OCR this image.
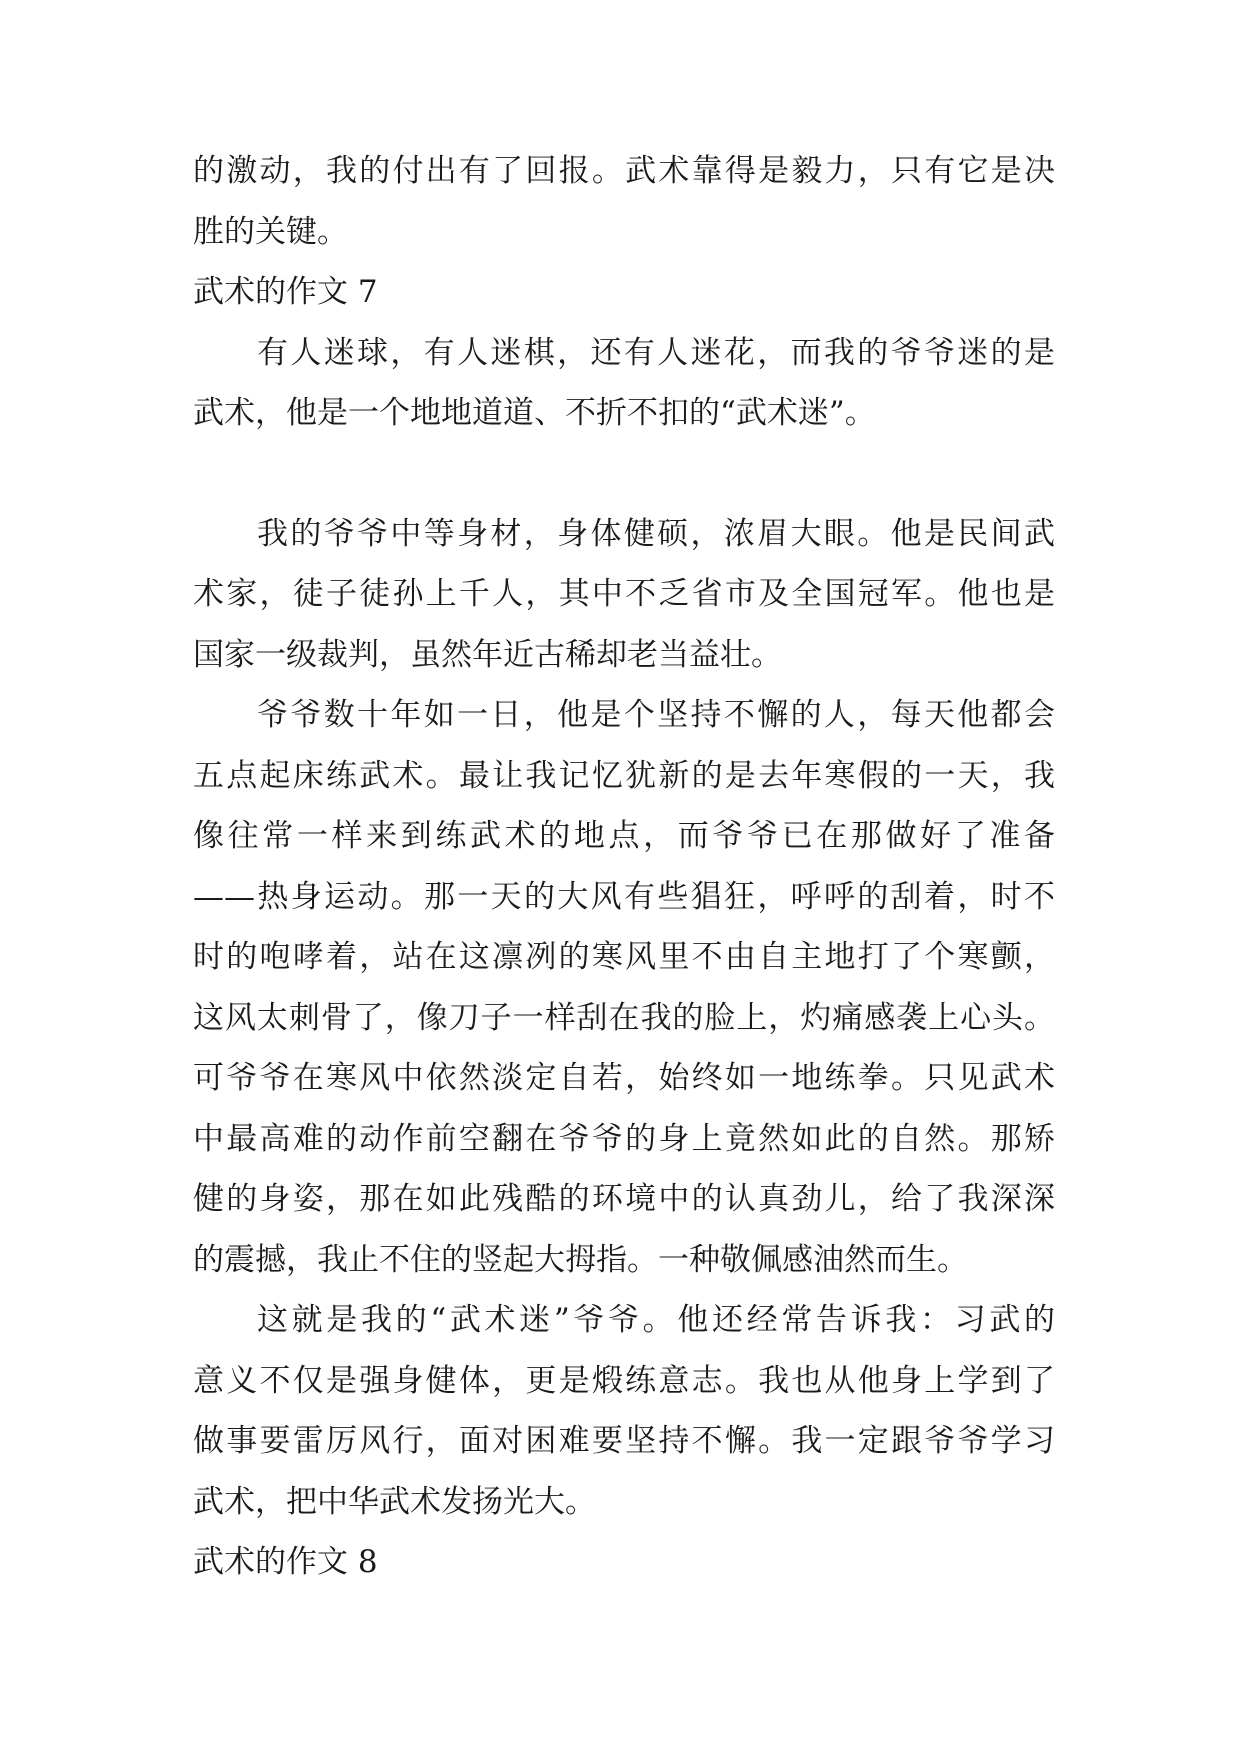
的激动，我的付出有了回报。武术靠得是毅力，只有它是决
胜的关键。
武术的作文 7
有人迷球，有人迷棋，还有人迷花，而我的爷爷迷的是
武术，他是一个地地道道、不折不扣的“武术迷”。
我的爷爷中等身材，身体健硕，浓眉大眼。他是民间武
术家，徒子徒孙上千人，其中不乏省市及全国冠军。他也是
国家一级裁判，虽然年近古稀却老当益壮。
爷爷数十年如一日，他是个坚持不懈的人，每天他都会
五点起床练武术。最让我记忆犹新的是去年寒假的一天，我
像往常一样来到练武术的地点，而爷爷已在那做好了准备
——热身运动。那一天的大风有些猖狂，呼呼的刮着，时不
时的咆哮着，站在这凛冽的寒风里不由自主地打了个寒颤，
这风太刺骨了，像刀子一样刮在我的脸上，灼痛感袭上心头。
可爷爷在寒风中依然淡定自若，始终如一地练拳。只见武术
中最高难的动作前空翻在爷爷的身上竟然如此的自然。那矫
健的身姿，那在如此残酷的环境中的认真劲儿，给了我深深
的震撼，我止不住的竖起大拇指。一种敬佩感油然而生。
这就是我的“武术迷”爷爷。他还经常告诉我：习武的
意义不仅是强身健体，更是煅练意志。我也从他身上学到了
做事要雷厉风行，面对困难要坚持不懈。我一定跟爷爷学习
武术，把中华武术发扬光大。
武术的作文 8
